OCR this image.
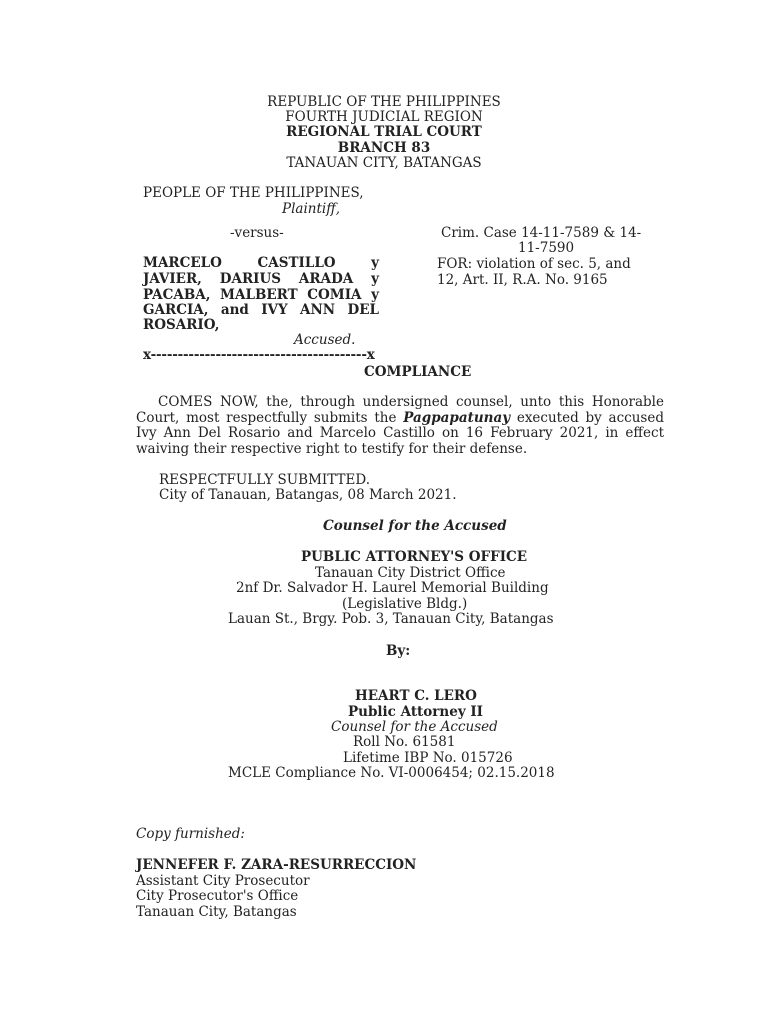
REPUBLIC OF THE PHILIPPINES
FOURTH JUDICIAL REGION
REGIONAL TRIAL COURT
BRANCH 83
TANAUAN CITY, BATANGAS
PEOPLE OF THE PHILIPPINES,
Plaintiff,
-versus-
MARCELO CASTILLO y
JAVIER, DARIUS ARADA y
PACABA, MALBERT COMIA y
GARCIA, and IVY ANN DEL
ROSARIO,
Accused.
x----------------------------------------x
Crim. Case 14-11-7589 & 14-
11-7590
FOR: violation of sec. 5, and
12, Art. II, R.A. No. 9165
COMPLIANCE
COMES NOW, the, through undersigned counsel, unto this Honorable Court, most respectfully submits the Pagpapatunay executed by accused Ivy Ann Del Rosario and Marcelo Castillo on 16 February 2021, in effect waiving their respective right to testify for their defense.
RESPECTFULLY SUBMITTED.
City of Tanauan, Batangas, 08 March 2021.
Counsel for the Accused
PUBLIC ATTORNEY'S OFFICE
Tanauan City District Office
2nf Dr. Salvador H. Laurel Memorial Building
(Legislative Bldg.)
Lauan St., Brgy. Pob. 3, Tanauan City, Batangas
By:
HEART C. LERO
Public Attorney II
Counsel for the Accused
Roll No. 61581
Lifetime IBP No. 015726
MCLE Compliance No. VI-0006454; 02.15.2018
Copy furnished:
JENNEFER F. ZARA-RESURRECCION
Assistant City Prosecutor
City Prosecutor's Office
Tanauan City, Batangas
